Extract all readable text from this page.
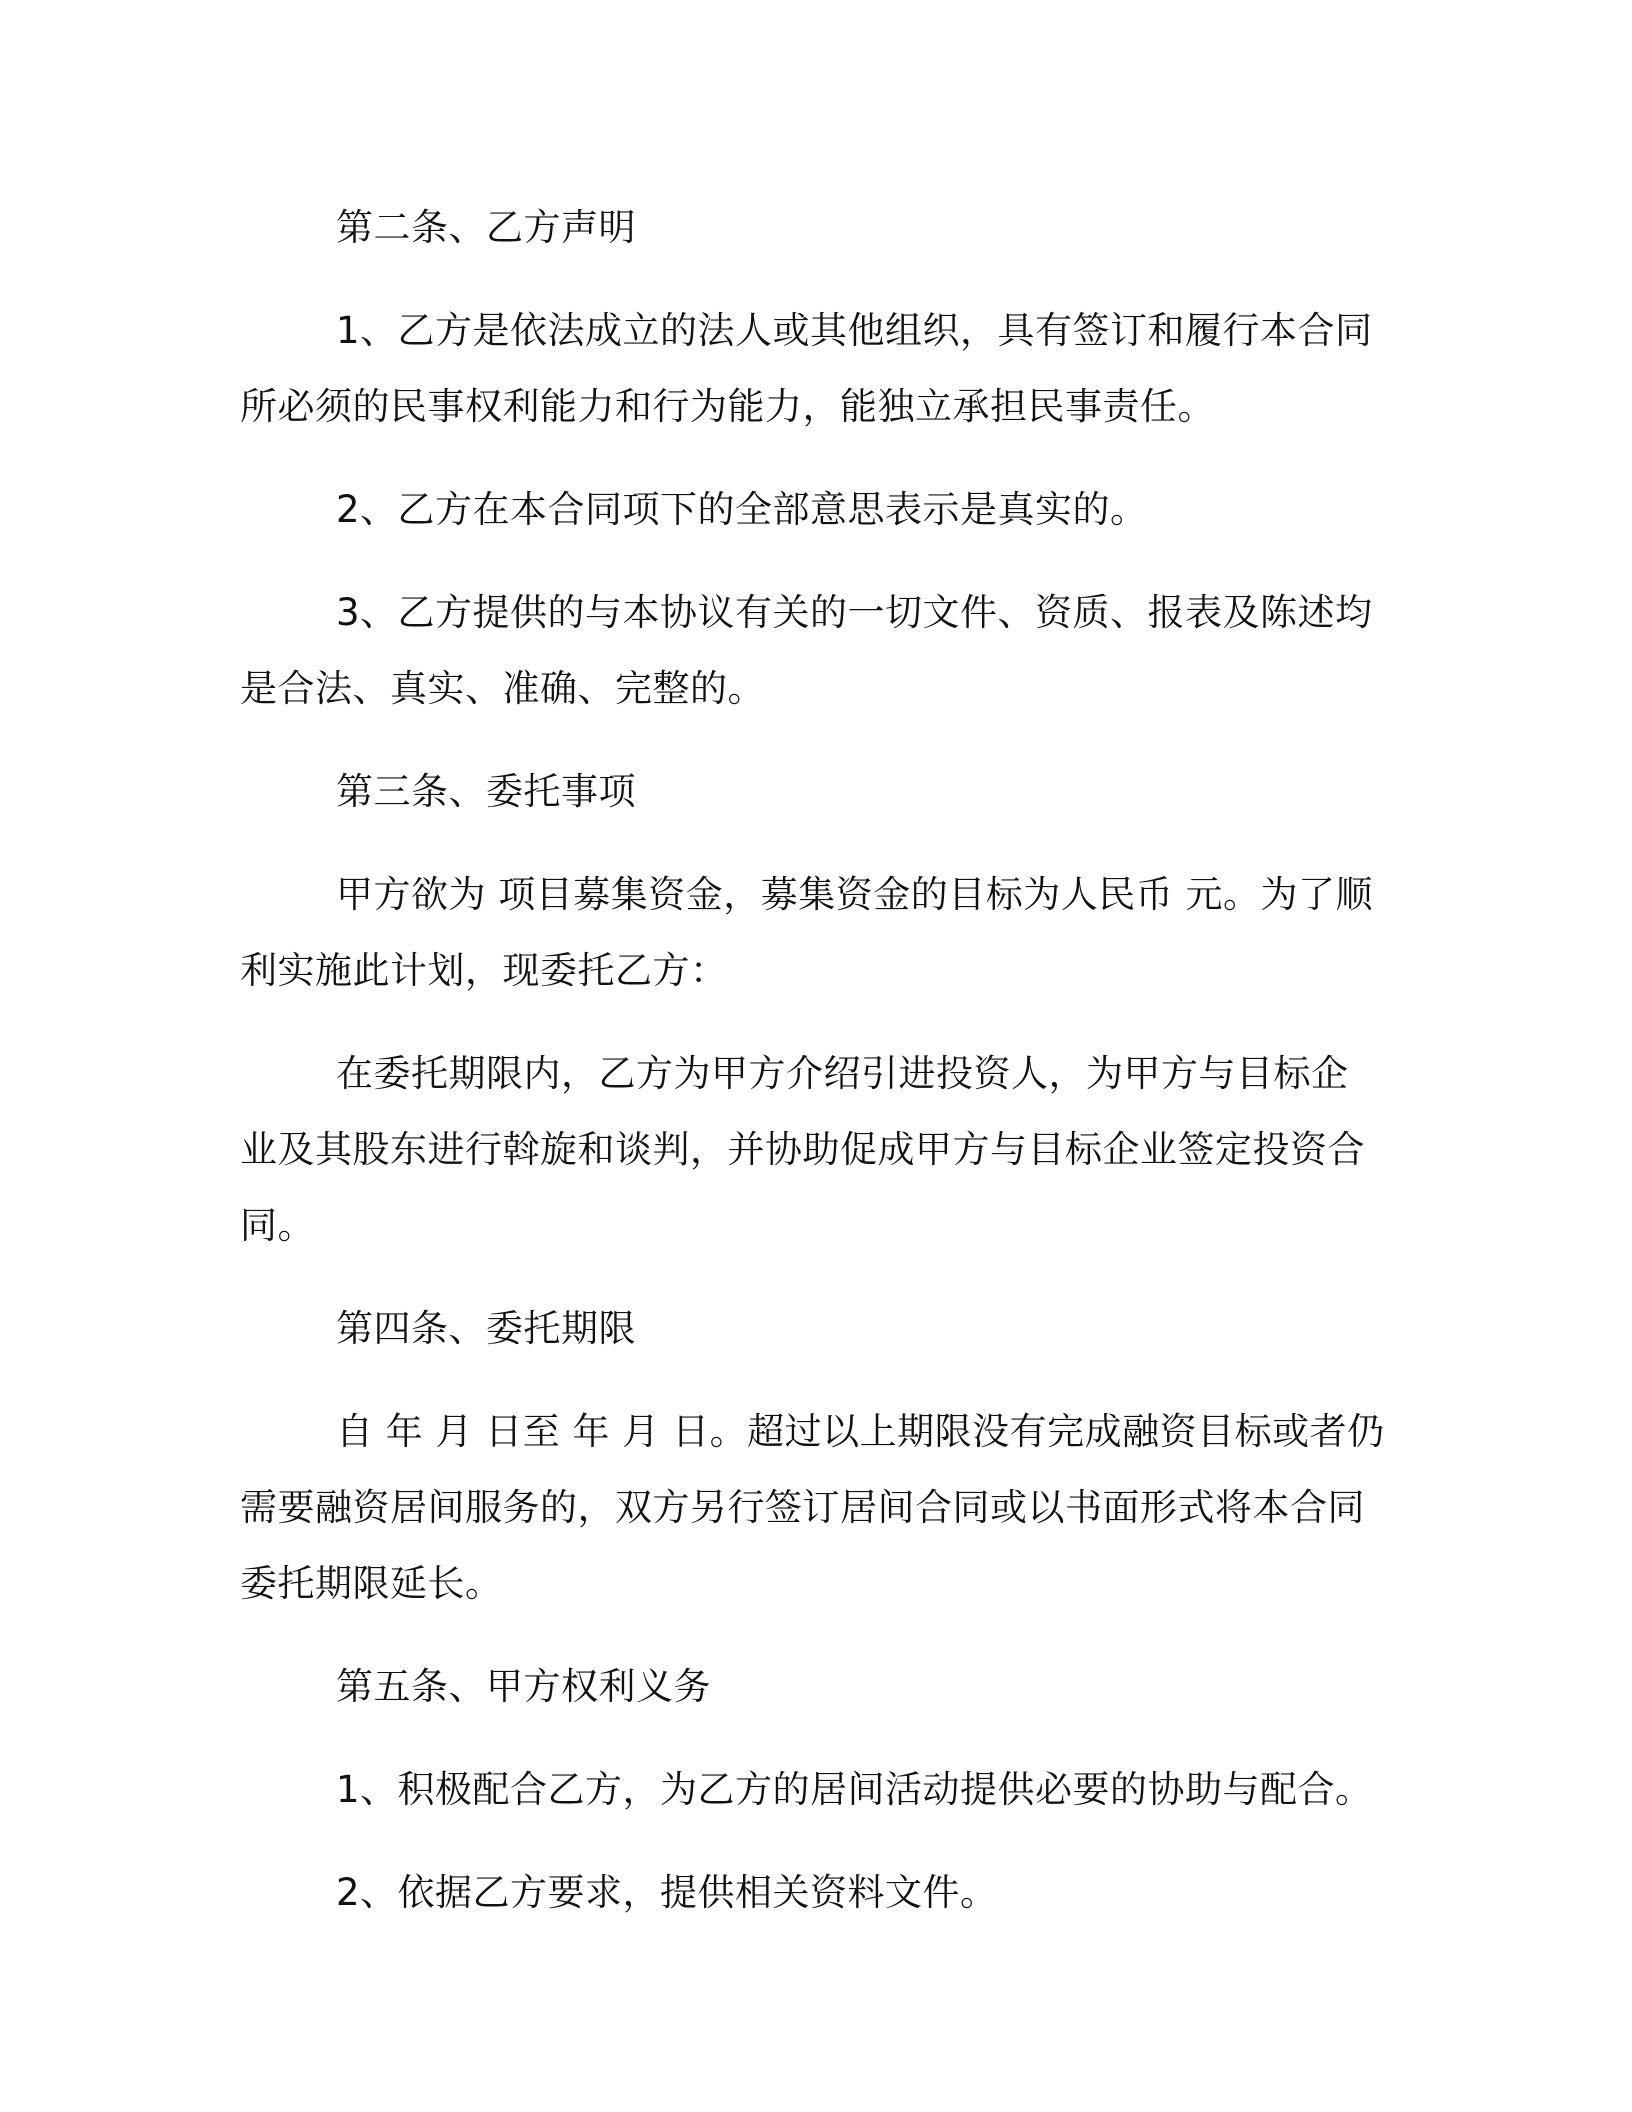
第二条、乙方声明

1、乙方是依法成立的法人或其他组织，具有签订和履行本合同所必须的民事权利能力和行为能力，能独立承担民事责任。

2、乙方在本合同项下的全部意思表示是真实的。

3、乙方提供的与本协议有关的一切文件、资质、报表及陈述均是合法、真实、准确、完整的。

第三条、委托事项

甲方欲为 项目募集资金，募集资金的目标为人民币 元。为了顺利实施此计划，现委托乙方：

在委托期限内，乙方为甲方介绍引进投资人，为甲方与目标企业及其股东进行斡旋和谈判，并协助促成甲方与目标企业签定投资合同。

第四条、委托期限

自 年 月 日至 年 月 日。超过以上期限没有完成融资目标或者仍需要融资居间服务的，双方另行签订居间合同或以书面形式将本合同委托期限延长。

第五条、甲方权利义务

1、积极配合乙方，为乙方的居间活动提供必要的协助与配合。

2、依据乙方要求，提供相关资料文件。
